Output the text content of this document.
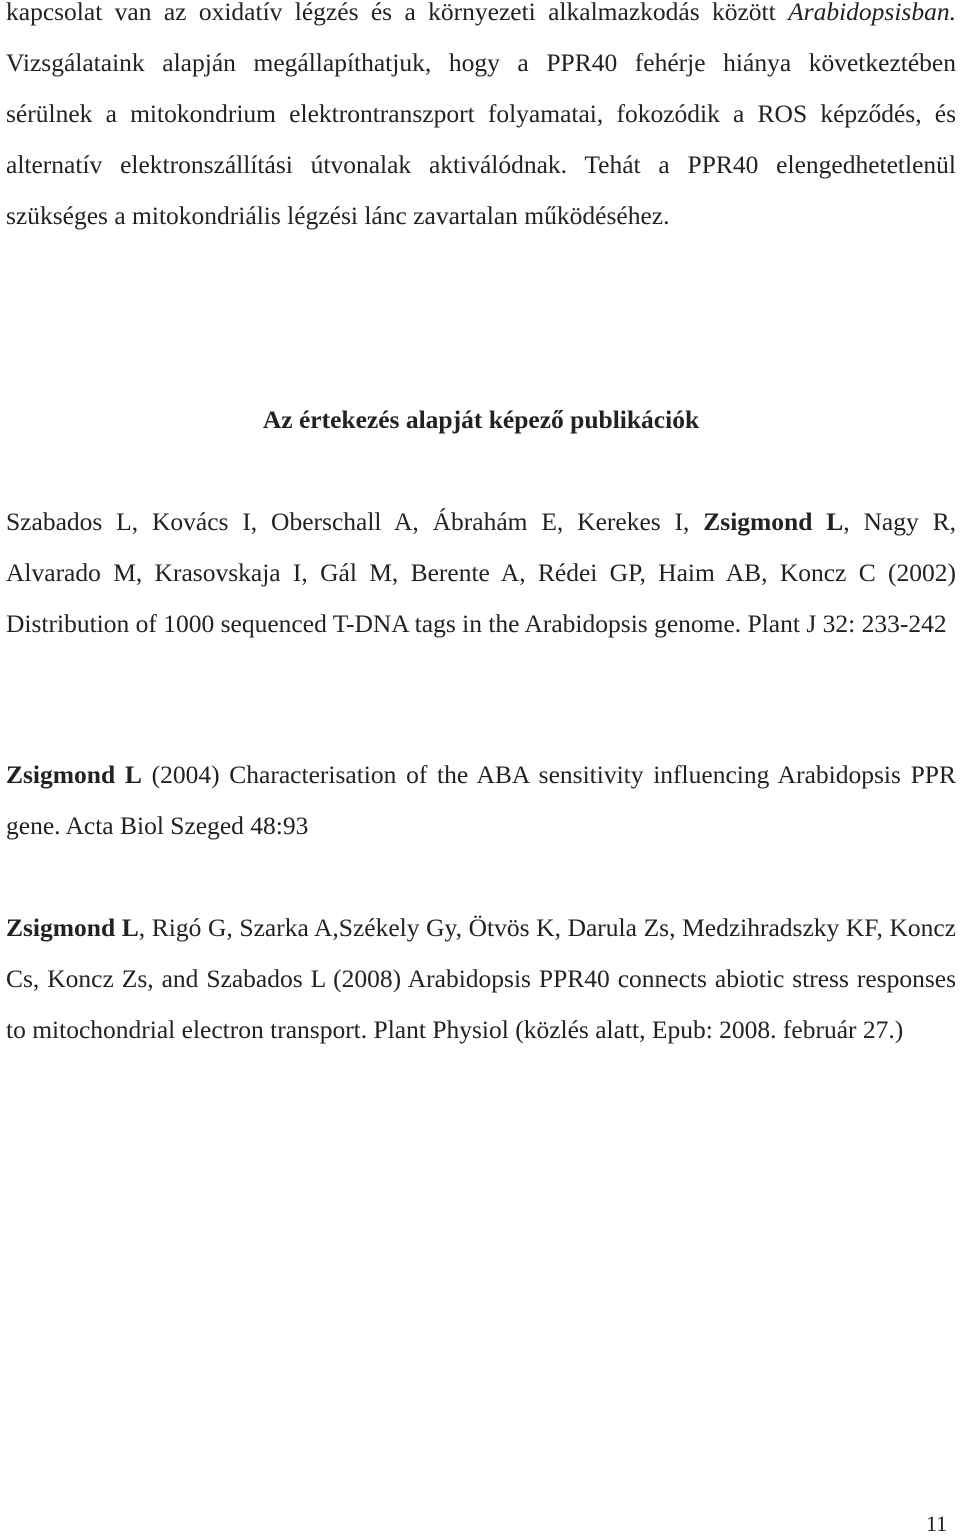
kapcsolat van az oxidatív légzés és a környezeti alkalmazkodás között Arabidopsisban. Vizsgálataink alapján megállapíthatjuk, hogy a PPR40 fehérje hiánya következtében sérülnek a mitokondrium elektrontranszport folyamatai, fokozódik a ROS képződés, és alternatív elektronszállítási útvonalak aktiválódnak. Tehát a PPR40 elengedhetetlenül szükséges a mitokondriális légzési lánc zavartalan működéséhez.

Az értekezés alapját képező publikációk

Szabados L, Kovács I, Oberschall A, Ábrahám E, Kerekes I, Zsigmond L, Nagy R, Alvarado M, Krasovskaja I, Gál M, Berente A, Rédei GP, Haim AB, Koncz C (2002) Distribution of 1000 sequenced T-DNA tags in the Arabidopsis genome. Plant J 32: 233-242

Zsigmond L (2004) Characterisation of the ABA sensitivity influencing Arabidopsis PPR gene. Acta Biol Szeged 48:93

Zsigmond L, Rigó G, Szarka A,Székely Gy, Ötvös K, Darula Zs, Medzihradszky KF, Koncz Cs, Koncz Zs, and Szabados L (2008) Arabidopsis PPR40 connects abiotic stress responses to mitochondrial electron transport. Plant Physiol (közlés alatt, Epub: 2008. február 27.)

11
